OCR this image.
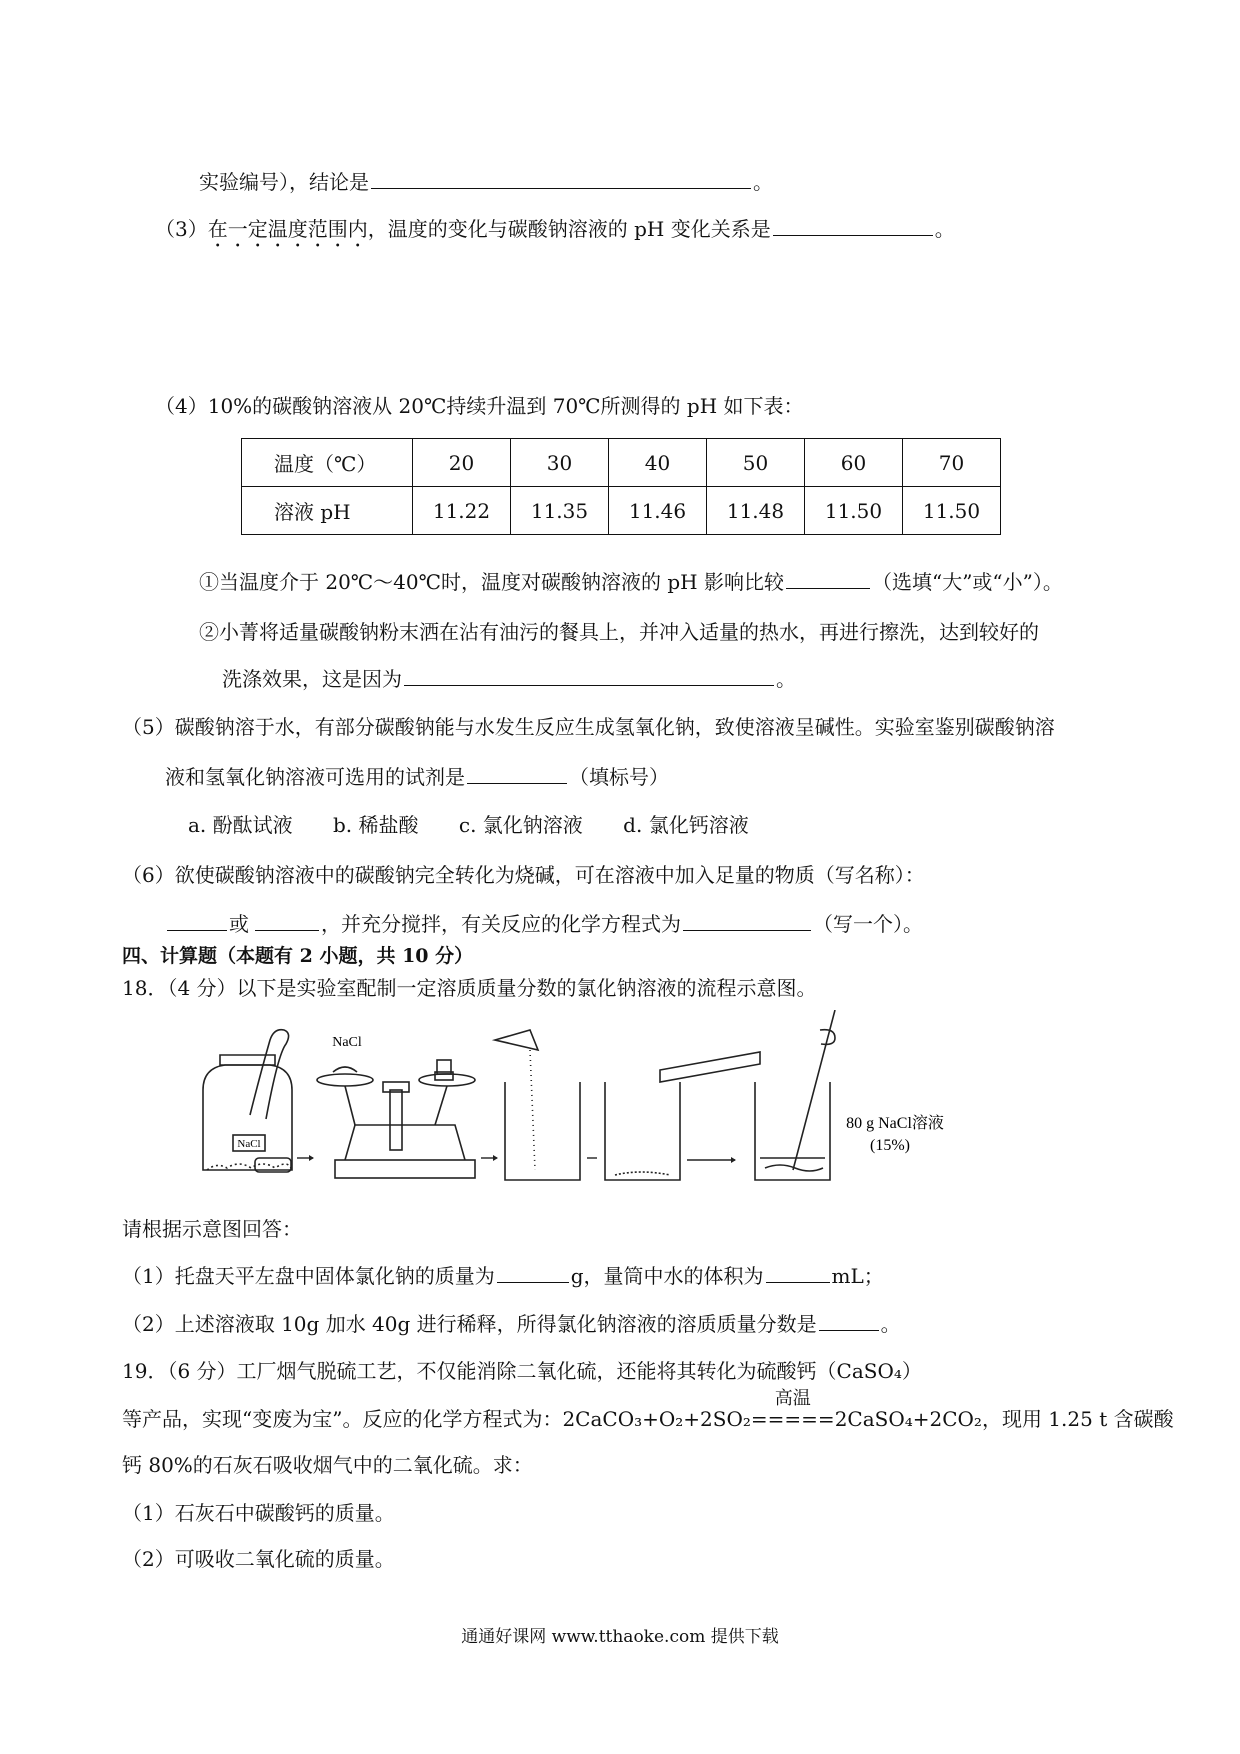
实验编号），结论是	。
（3）在一定温度范围内，温度的变化与碳酸钠溶液的 pH 变化关系是	。
（4）10%的碳酸钠溶液从 20℃持续升温到 70℃所测得的 pH 如下表：
温度（℃）	20	30	40	50	60	70
溶液 pH	11.22	11.35	11.46	11.48	11.50	11.50
①当温度介于 20℃～40℃时，温度对碳酸钠溶液的 pH 影响比较	（选填“大”或“小”）。
②小菁将适量碳酸钠粉末洒在沾有油污的餐具上，并冲入适量的热水，再进行擦洗，达到较好的
洗涤效果，这是因为	。
（5）碳酸钠溶于水，有部分碳酸钠能与水发生反应生成氢氧化钠，致使溶液呈碱性。实验室鉴别碳酸钠溶
液和氢氧化钠溶液可选用的试剂是	（填标号）
a. 酚酞试液 b. 稀盐酸 c. 氯化钠溶液 d. 氯化钙溶液
（6）欲使碳酸钠溶液中的碳酸钠完全转化为烧碱，可在溶液中加入足量的物质（写名称）：
或	，并充分搅拌，有关反应的化学方程式为	（写一个）。
四、计算题（本题有 2 小题，共 10 分）
18．（4 分）以下是实验室配制一定溶质质量分数的氯化钠溶液的流程示意图。
NaCl
NaCl
80 g NaCl溶液
(15%)
请根据示意图回答：
（1）托盘天平左盘中固体氯化钠的质量为	g，量筒中水的体积为	mL；
（2）上述溶液取 10g 加水 40g 进行稀释，所得氯化钠溶液的溶质质量分数是	。
19．（6 分）工厂烟气脱硫工艺，不仅能消除二氧化硫，还能将其转化为硫酸钙（CaSO₄）
等产品，实现“变废为宝”。反应的化学方程式为：2CaCO₃+O₂+2SO₂
高温
=====2CaSO₄+2CO₂，现用 1.25 t 含碳酸
钙 80%的石灰石吸收烟气中的二氧化硫。求：
（1）石灰石中碳酸钙的质量。
（2）可吸收二氧化硫的质量。
通通好课网 www.tthaoke.com 提供下载
